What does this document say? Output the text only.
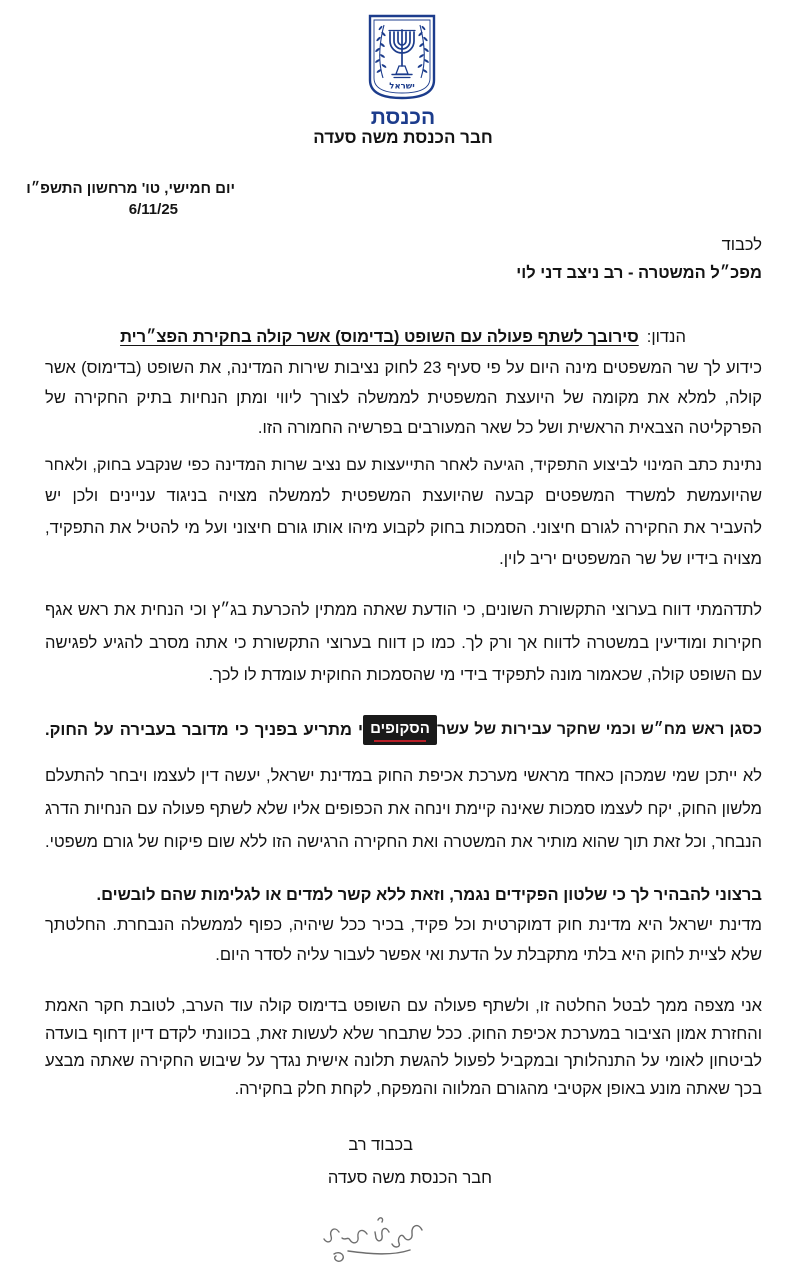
ישראל
הכנסת
חבר הכנסת משה סעדה
יום חמישי, טו' מרחשון התשפ״ו
6/11/25
לכבוד
מפכ״ל המשטרה - רב ניצב דני לוי
הנדון:סירובך לשתף פעולה עם השופט (בדימוס) אשר קולה בחקירת הפצ״רית
כידוע לך שר המשפטים מינה היום על פי סעיף 23 לחוק נציבות שירות המדינה, את השופט (בדימוס) אשר
קולה, למלא את מקומה של היועצת המשפטית לממשלה לצורך ליווי ומתן הנחיות בתיק החקירה של
הפרקליטה הצבאית הראשית ושל כל שאר המעורבים בפרשיה החמורה הזו.
נתינת כתב המינוי לביצוע התפקיד, הגיעה לאחר התייעצות עם נציב שרות המדינה כפי שנקבע בחוק, ולאחר
שהיועמשת למשרד המשפטים קבעה שהיועצת המשפטית לממשלה מצויה בניגוד עניינים ולכן יש
להעביר את החקירה לגורם חיצוני. הסמכות בחוק לקבוע מיהו אותו גורם חיצוני ועל מי להטיל את התפקיד,
מצויה בידיו של שר המשפטים יריב לוין.
לתדהמתי דווח בערוצי התקשורת השונים, כי הודעת שאתה ממתין להכרעת בג״ץ וכי הנחית את ראש אגף
חקירות ומודיעין במשטרה לדווח אך ורק לך. כמו כן דווח בערוצי התקשורת כי אתה מסרב להגיע לפגישה
עם השופט קולה, שכאמור מונה לתפקיד בידי מי שהסמכות החוקית עומדת לו לכך.
כסגן ראש מח״ש וכמי שחקר עבירות של עשר
הסקופים
י מתריע בפניך כי מדובר בעבירה על החוק.
לא ייתכן שמי שמכהן כאחד מראשי מערכת אכיפת החוק במדינת ישראל, יעשה דין לעצמו ויבחר להתעלם
מלשון החוק, יקח לעצמו סמכות שאינה קיימת וינחה את הכפופים אליו שלא לשתף פעולה עם הנחיות הדרג
הנבחר, וכל זאת תוך שהוא מותיר את המשטרה ואת החקירה הרגישה הזו ללא שום פיקוח של גורם משפטי.
ברצוני להבהיר לך כי שלטון הפקידים נגמר, וזאת ללא קשר למדים או לגלימות שהם לובשים.
מדינת ישראל היא מדינת חוק דמוקרטית וכל פקיד, בכיר ככל שיהיה, כפוף לממשלה הנבחרת. החלטתך
שלא לציית לחוק היא בלתי מתקבלת על הדעת ואי אפשר לעבור עליה לסדר היום.
אני מצפה ממך לבטל החלטה זו, ולשתף פעולה עם השופט בדימוס קולה עוד הערב, לטובת חקר האמת
והחזרת אמון הציבור במערכת אכיפת החוק. ככל שתבחר שלא לעשות זאת, בכוונתי לקדם דיון דחוף בועדה
לביטחון לאומי על התנהלותך ובמקביל לפעול להגשת תלונה אישית נגדך על שיבוש החקירה שאתה מבצע
בכך שאתה מונע באופן אקטיבי מהגורם המלווה והמפקח, לקחת חלק בחקירה.
בכבוד רב
חבר הכנסת משה סעדה
